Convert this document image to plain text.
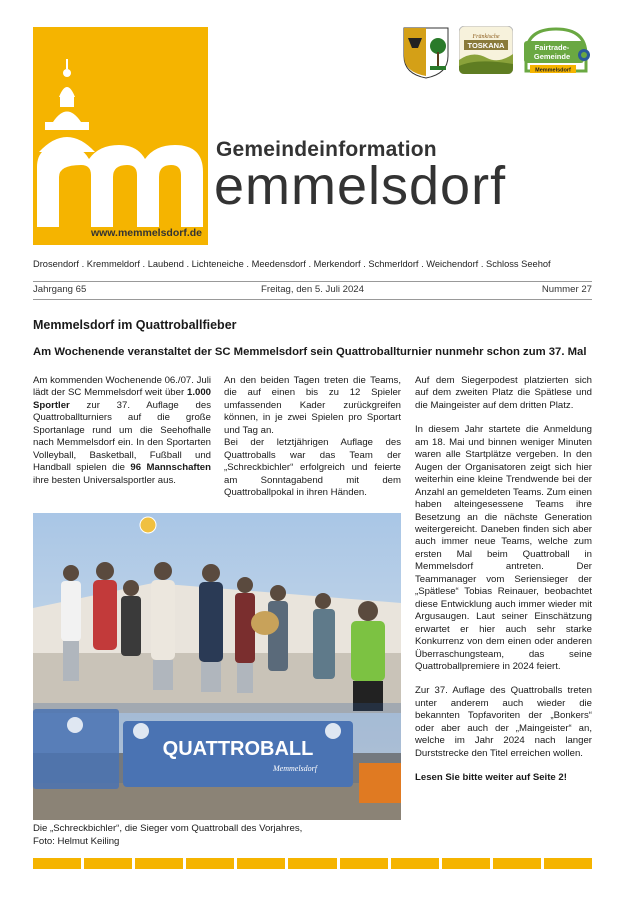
www.memmelsdorf.de
Gemeindeinformation
emmelsdorf
Fränkische
TOSKANA	Fairtrade-
Gemeinde
Memmelsdorf
Drosendorf . Kremmeldorf . Laubend . Lichteneiche . Meedensdorf . Merkendorf . Schmerldorf . Weichendorf . Schloss Seehof
Jahrgang 65	Freitag, den 5. Juli 2024	Nummer 27
Memmelsdorf im Quattroballfieber
Am Wochenende veranstaltet der SC Memmelsdorf sein Quattroballturnier nunmehr schon zum 37. Mal

Am kommenden Wochenende 06./07. Juli lädt der SC Memmelsdorf weit über 1.000 Sportler zur 37. Auflage des Quattroballturniers auf die große Sportanlage rund um die Seehofhalle nach Memmelsdorf ein. In den Sportarten Volleyball, Basketball, Fußball und Handball spielen die 96 Mannschaften ihre besten Universalsportler aus.

An den beiden Tagen treten die Teams, die auf einen bis zu 12 Spieler umfassenden Kader zurückgreifen können, in je zwei Spielen pro Sportart und Tag an.

Bei der letztjährigen Auflage des Quattroballs war das Team der „Schreckbichler“ erfolgreich und feierte am Sonntagabend mit dem Quattroballpokal in ihren Händen.

Auf dem Siegerpodest platzierten sich auf dem zweiten Platz die Spätlese und die Maingeister auf dem dritten Platz.

In diesem Jahr startete die Anmeldung am 18. Mai und binnen weniger Minuten waren alle Startplätze vergeben. In den Augen der Organisatoren zeigt sich hier weiterhin eine kleine Trendwende bei der Anzahl an gemeldeten Teams. Zum einen haben alteingesessene Teams ihre Besetzung an die nächste Generation weitergereicht. Daneben finden sich aber auch immer neue Teams, welche zum ersten Mal beim Quattroball in Memmelsdorf antreten. Der Teammanager vom Seriensieger der „Spätlese“ Tobias Reinauer, beobachtet diese Entwicklung auch immer wieder mit Argusaugen. Laut seiner Einschätzung erwartet er hier auch sehr starke Konkurrenz von dem einen oder anderen Überraschungsteam, das seine Quattroballpremiere in 2024 feiert.

Zur 37. Auflage des Quattroballs treten unter anderem auch wieder die bekannten Topfavoriten der „Bonkers“ oder aber auch der „Maingeister“ an, welche im Jahr 2024 nach langer Durststrecke den Titel erreichen wollen.

Lesen Sie bitte weiter auf Seite 2!

QUATTROBALL
Memmelsdorf
Die „Schreckbichler“, die Sieger vom Quattroball des Vorjahres,
Foto: Helmut Keiling
